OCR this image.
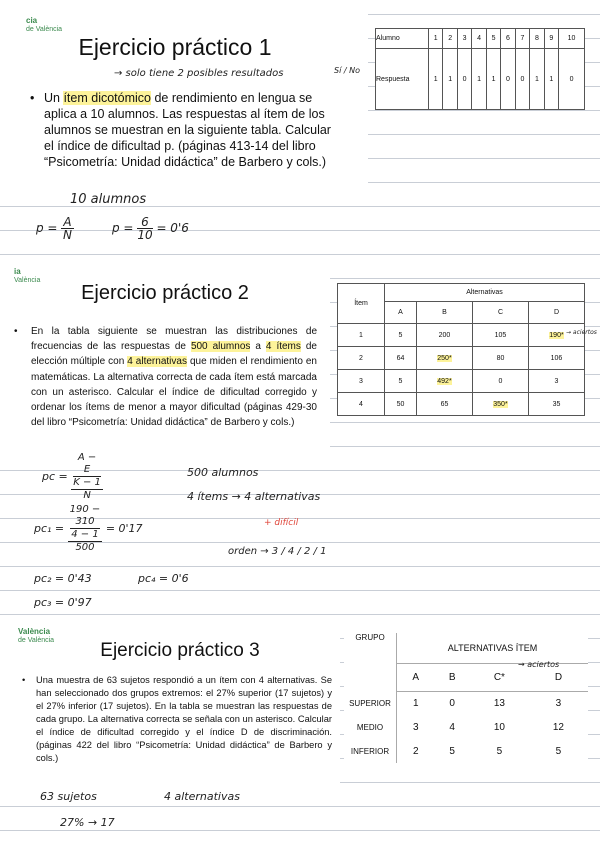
cia
de València
Ejercicio práctico 1
• Un ítem dicotómico de rendimiento en lengua se aplica a 10 alumnos. Las respuestas al ítem de los alumnos se muestran en la siguiente tabla. Calcular el índice de dificultad p. (páginas 413-14 del libro “Psicometría: Unidad didáctica” de Barbero y cols.)
→ solo tiene 2 posibles resultados	Sí / No
Alumno	1	2	3	4	5	6	7	8	9	10
Respuesta	1	1	0	1	1	0	0	1	1	0
10 alumnos
$p = \frac{A}{N}$	$p = \frac{6}{10} = 0'6$
ia
València
Ejercicio práctico 2
• En la tabla siguiente se muestran las distribuciones de frecuencias de las respuestas de 500 alumnos a 4 ítems de elección múltiple con 4 alternativas que miden el rendimiento en matemáticas. La alternativa correcta de cada ítem está marcada con un asterisco. Calcular el índice de dificultad corregido y ordenar los ítems de menor a mayor dificultad (páginas 429-30 del libro “Psicometría: Unidad didáctica” de Barbero y cols.)
Ítem	Alternativas			
	A	B	C	D
1	5	200	105	190*
2	64	250*	80	106
3	5	492*	0	3
4	50	65	350*	35
→ aciertos
pc = A −
E
K − 1
N	500 alumnos
4 ítems → 4 alternativas
pc₁ = 190 −
310
4 − 1
500 = 0'17	+ difícil
orden → 3 / 4 / 2 / 1
pc₂ = 0'43	pc₄ = 0'6
pc₃ = 0'97
València
de València	Ejercicio práctico 3
• Una muestra de 63 sujetos respondió a un ítem con 4 alternativas. Se han seleccionado dos grupos extremos: el 27% superior (17 sujetos) y el 27% inferior (17 sujetos). En la tabla se muestran las respuestas de cada grupo. La alternativa correcta se señala con un asterisco. Calcular el índice de dificultad corregido y el índice D de discriminación. (páginas 422 del libro “Psicometría: Unidad didáctica” de Barbero y cols.)
GRUPO	ALTERNATIVAS ÍTEM			
	A	B	C*	D
SUPERIOR	1	0	13	3
MEDIO	3	4	10	12
INFERIOR	2	5	5	5
→ aciertos
63 sujetos	4 alternativas
27% → 17
